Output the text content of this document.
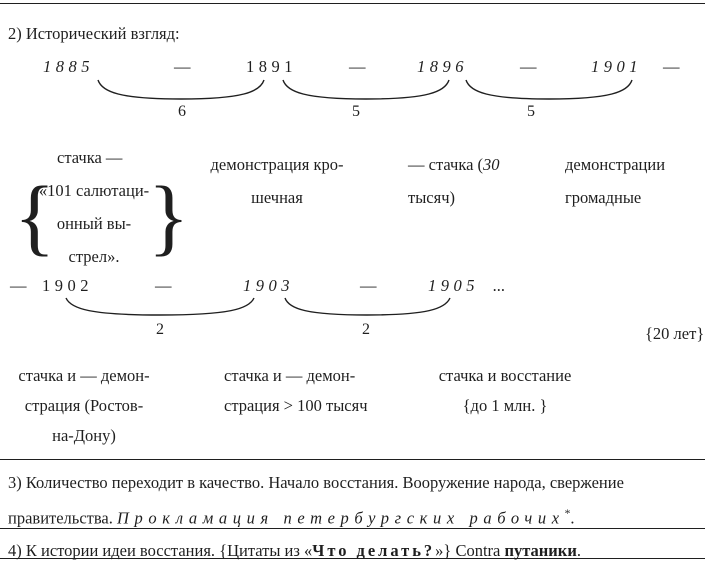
2) Исторический взгляд:
1885	—	1891	—	1896	—	1901 —
6	5	5
стачка —
{
«101 салютаци-
онный вы-
стрел». }
демонстрация кро-
шечная
— стачка (30
тысяч)
демонстрации
громадные
— 1902	—	1903	—	1905 ...
2	2	{20 лет}
стачка и — демон-
страция (Ростов-
на-Дону)
стачка и — демон-
страция > 100 тысяч
стачка и восстание
{до 1 млн. }
3) Количество переходит в качество. Начало восстания. Вооружение народа, свержение
правительства. Прокламация петербургских рабочих*.
4) К истории идеи восстания. {Цитаты из «Что делать?»} Contra путаники.
